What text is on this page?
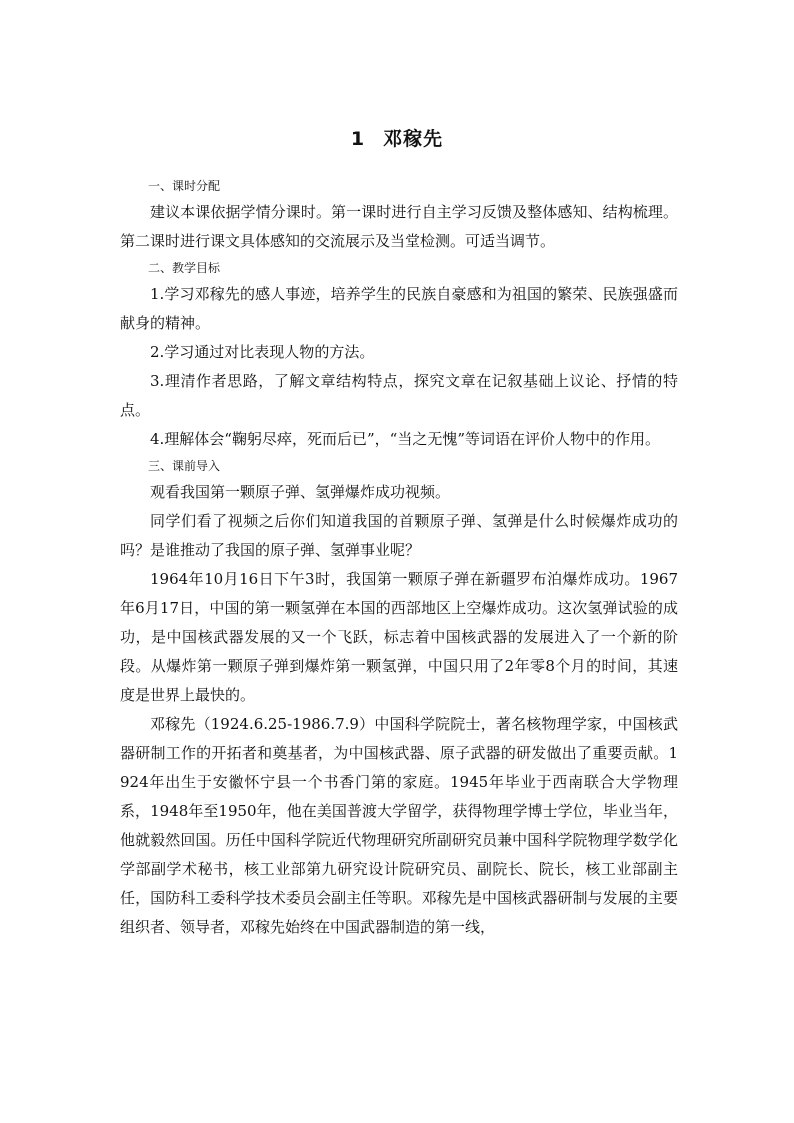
1 邓稼先
一、课时分配

建议本课依据学情分课时。第一课时进行自主学习反馈及整体感知、结构梳理。第二课时进行课文具体感知的交流展示及当堂检测。可适当调节。

二、教学目标

1.学习邓稼先的感人事迹，培养学生的民族自豪感和为祖国的繁荣、民族强盛而献身的精神。

2.学习通过对比表现人物的方法。

3.理清作者思路，了解文章结构特点，探究文章在记叙基础上议论、抒情的特点。

4.理解体会“鞠躬尽瘁，死而后已”，“当之无愧”等词语在评价人物中的作用。

三、课前导入

观看我国第一颗原子弹、氢弹爆炸成功视频。

同学们看了视频之后你们知道我国的首颗原子弹、氢弹是什么时候爆炸成功的吗？是谁推动了我国的原子弹、氢弹事业呢？

1964年10月16日下午3时，我国第一颗原子弹在新疆罗布泊爆炸成功。1967年6月17日，中国的第一颗氢弹在本国的西部地区上空爆炸成功。这次氢弹试验的成功，是中国核武器发展的又一个飞跃，标志着中国核武器的发展进入了一个新的阶段。从爆炸第一颗原子弹到爆炸第一颗氢弹，中国只用了2年零8个月的时间，其速度是世界上最快的。

邓稼先（1924.6.25-1986.7.9）中国科学院院士，著名核物理学家，中国核武器研制工作的开拓者和奠基者，为中国核武器、原子武器的研发做出了重要贡献。1924年出生于安徽怀宁县一个书香门第的家庭。1945年毕业于西南联合大学物理系，1948年至1950年，他在美国普渡大学留学，获得物理学博士学位，毕业当年，他就毅然回国。历任中国科学院近代物理研究所副研究员兼中国科学院物理学数学化学部副学术秘书，核工业部第九研究设计院研究员、副院长、院长，核工业部副主任，国防科工委科学技术委员会副主任等职。邓稼先是中国核武器研制与发展的主要组织者、领导者，邓稼先始终在中国武器制造的第一线，
